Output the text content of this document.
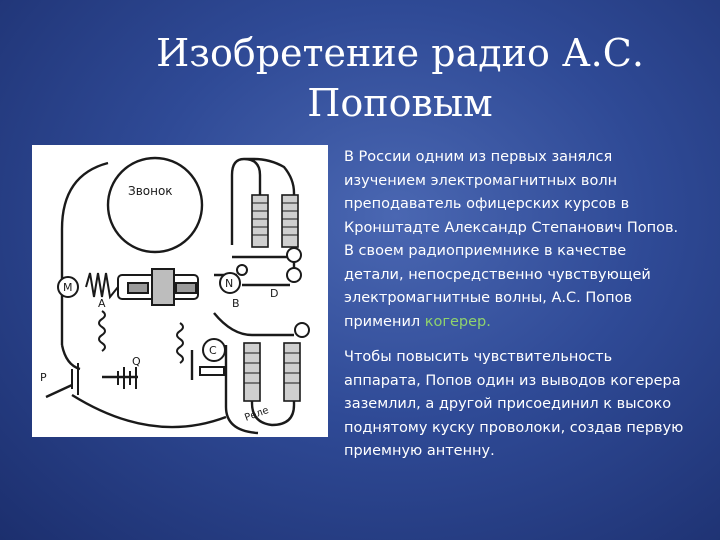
Изобретение радио А.С.
Поповым
Звонок
M	N
B
D
A
C
P
Q
Реле

В России одним из первых занялся изучением электромагнитных волн преподаватель офицерских курсов в Кронштадте Александр Степанович Попов. В своем радиоприемнике в качестве детали, непосредственно чувствующей электромагнитные волны, А.С. Попов применил когерер.

Чтобы повысить чувствительность аппарата, Попов один из выводов когерера заземлил, а другой присоединил к высоко поднятому куску проволоки, создав первую приемную антенну.
